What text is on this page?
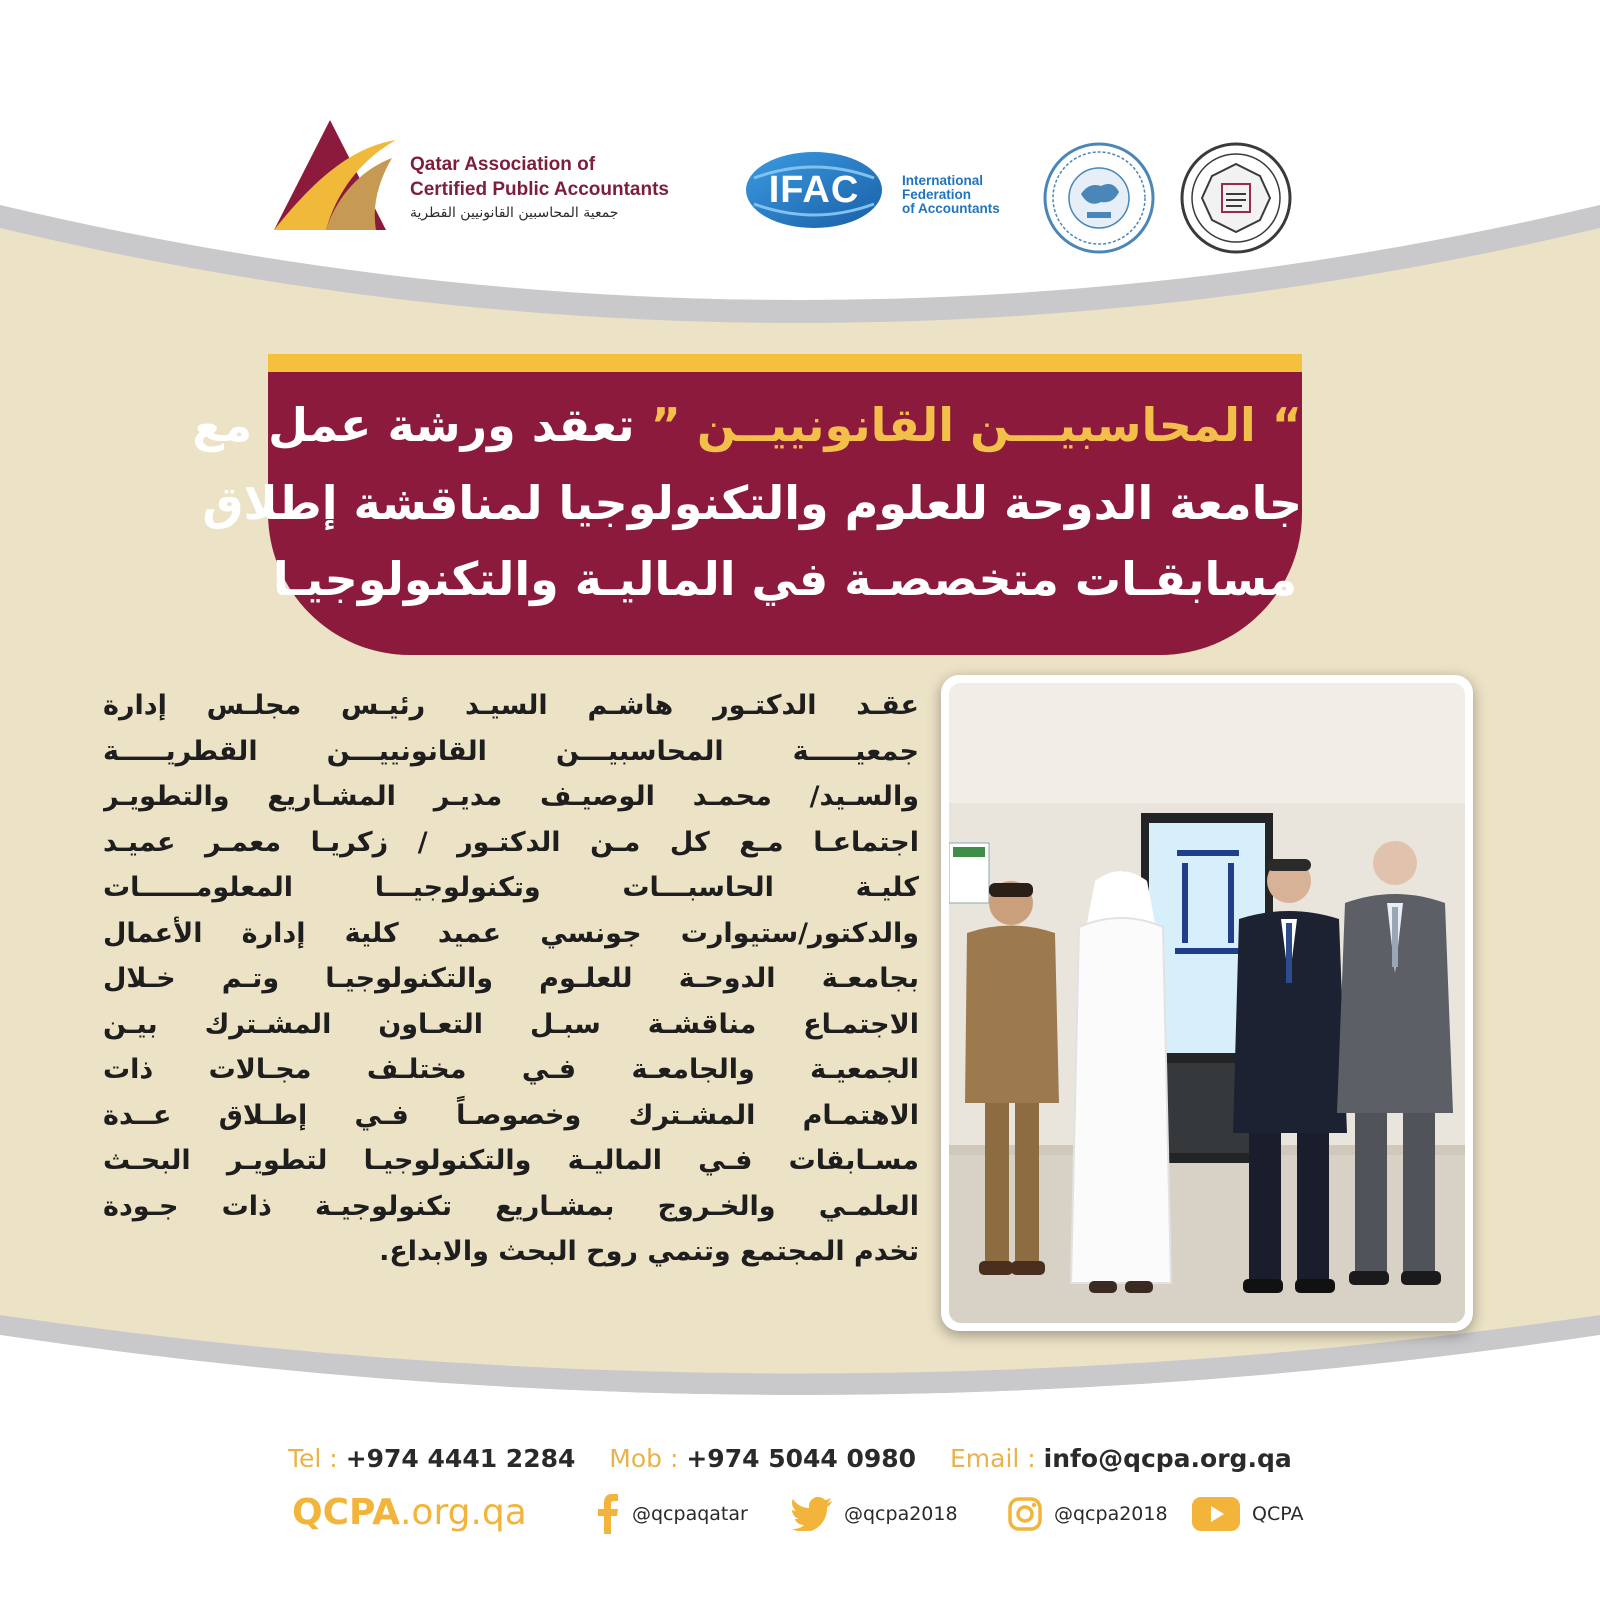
Qatar Association of
Certified Public Accountants
جمعية المحاسبين القانونيين القطرية
IFAC	International
Federation
of Accountants
“ المحاسبيـــن القانونييــن ” تعقد ورشة عمل مع
جامعة الدوحة للعلوم والتكنولوجيا لمناقشة إطلاق
مسابقـات متخصصـة في الماليـة والتكنولوجيـا
عقـد الدكتـور هاشـم السيـد رئيـس مجلـس إدارة
جمعيـــــة المحاسبيـــن القانونييـــن القطريـــــة
والسـيد/ محمـد الوصيـف مديـر المشـاريع والتطويـر
اجتماعـا مـع كل مـن الدكتـور / زكريـا معمـر عميـد
كليـة الحاسبـــات وتكنولوجيـــا المعلومــــــات
والدكتور/ستيوارت جونسي عميد كلية إدارة الأعمال
بجامعـة الدوحـة للعلـوم والتكنولوجيـا وتـم خـلال
الاجتمـاع مناقشـة سبـل التعـاون المشـترك بيـن
الجمعيـة والجامعـة فـي مختلـف مجـالات ذات
الاهتمـام المشـترك وخصوصـاً فـي إطـلاق عــدة
مسـابقات فـي الماليـة والتكنولوجيـا لتطويـر البحـث
العلمـي والخـروج بمشـاريع تكنولوجيـة ذات جـودة
تخدم المجتمع وتنمي روح البحث والابداع.
Tel : +974 4441 2284 Mob : +974 5044 0980 Email : info@qcpa.org.qa
QCPA.org.qa	@qcpaqatar	@qcpa2018	@qcpa2018	QCPA
